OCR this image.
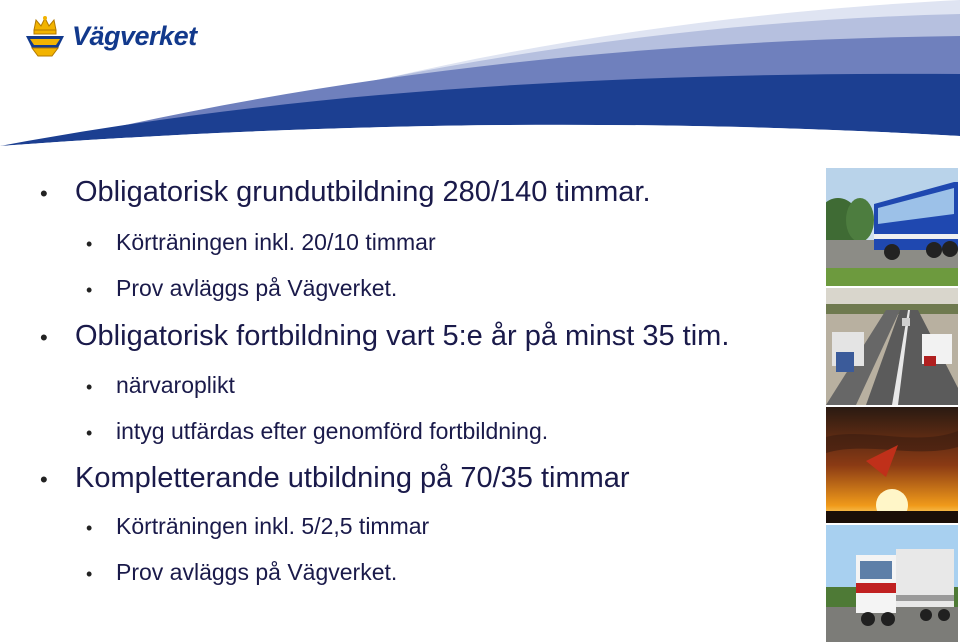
Vägverket
• Obligatorisk grundutbildning 280/140 timmar.
•	Körträningen inkl. 20/10 timmar
•	Prov avläggs på Vägverket.
• Obligatorisk fortbildning vart 5:e år på minst 35 tim.
•	närvaroplikt
•	intyg utfärdas efter genomförd fortbildning.
• Kompletterande utbildning på 70/35 timmar
•	Körträningen inkl. 5/2,5 timmar
•	Prov avläggs på Vägverket.
